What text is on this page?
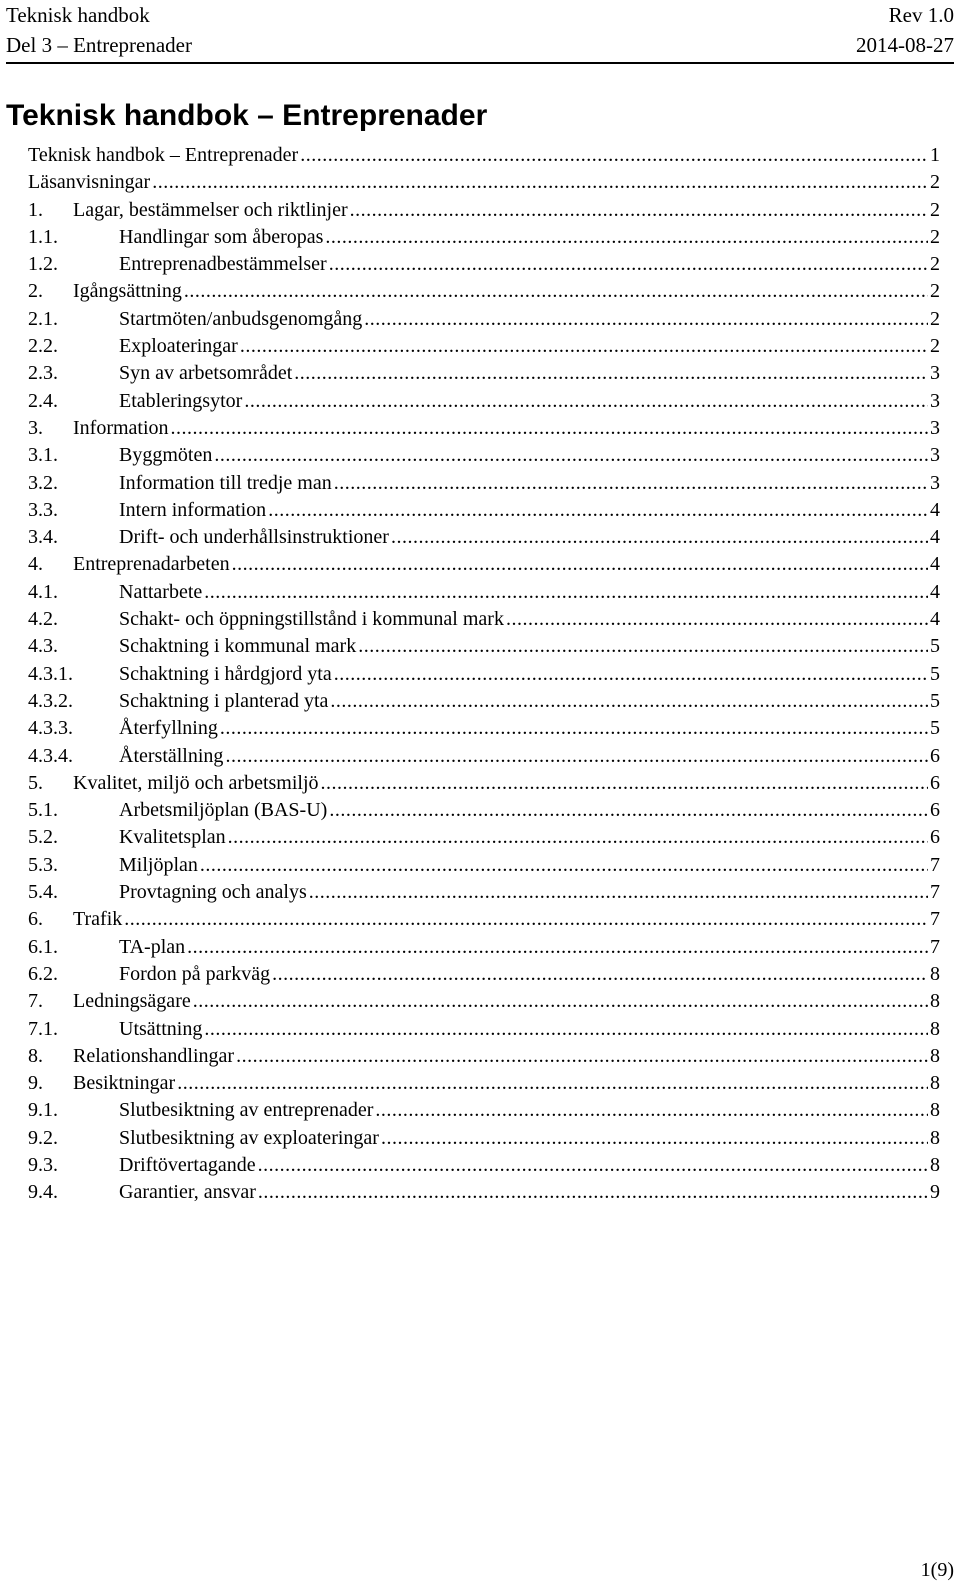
Teknisk handbok	Rev 1.0
Del 3 – Entreprenader	2014-08-27
Teknisk handbok – Entreprenader
Teknisk handbok – Entreprenader .....	1
Läsanvisningar .....	2
1.	Lagar, bestämmelser och riktlinjer .....	2
1.1.	Handlingar som åberopas .....	2
1.2.	Entreprenadbestämmelser .....	2
2.	Igångsättning .....	2
2.1.	Startmöten/anbudsgenomgång .....	2
2.2.	Exploateringar .....	2
2.3.	Syn av arbetsområdet .....	3
2.4.	Etableringsytor .....	3
3.	Information .....	3
3.1.	Byggmöten .....	3
3.2.	Information till tredje man .....	3
3.3.	Intern information .....	4
3.4.	Drift- och underhållsinstruktioner .....	4
4.	Entreprenadarbeten .....	4
4.1.	Nattarbete .....	4
4.2.	Schakt- och öppningstillstånd i kommunal mark .....	4
4.3.	Schaktning i kommunal mark .....	5
4.3.1.	Schaktning i hårdgjord yta .....	5
4.3.2.	Schaktning i planterad yta .....	5
4.3.3.	Återfyllning .....	5
4.3.4.	Återställning .....	6
5.	Kvalitet, miljö och arbetsmiljö .....	6
5.1.	Arbetsmiljöplan (BAS-U) .....	6
5.2.	Kvalitetsplan .....	6
5.3.	Miljöplan .....	7
5.4.	Provtagning och analys .....	7
6.	Trafik .....	7
6.1.	TA-plan .....	7
6.2.	Fordon på parkväg .....	8
7.	Ledningsägare .....	8
7.1.	Utsättning .....	8
8.	Relationshandlingar .....	8
9.	Besiktningar .....	8
9.1.	Slutbesiktning av entreprenader .....	8
9.2.	Slutbesiktning av exploateringar .....	8
9.3.	Driftövertagande .....	8
9.4.	Garantier, ansvar .....	9
1(9)
